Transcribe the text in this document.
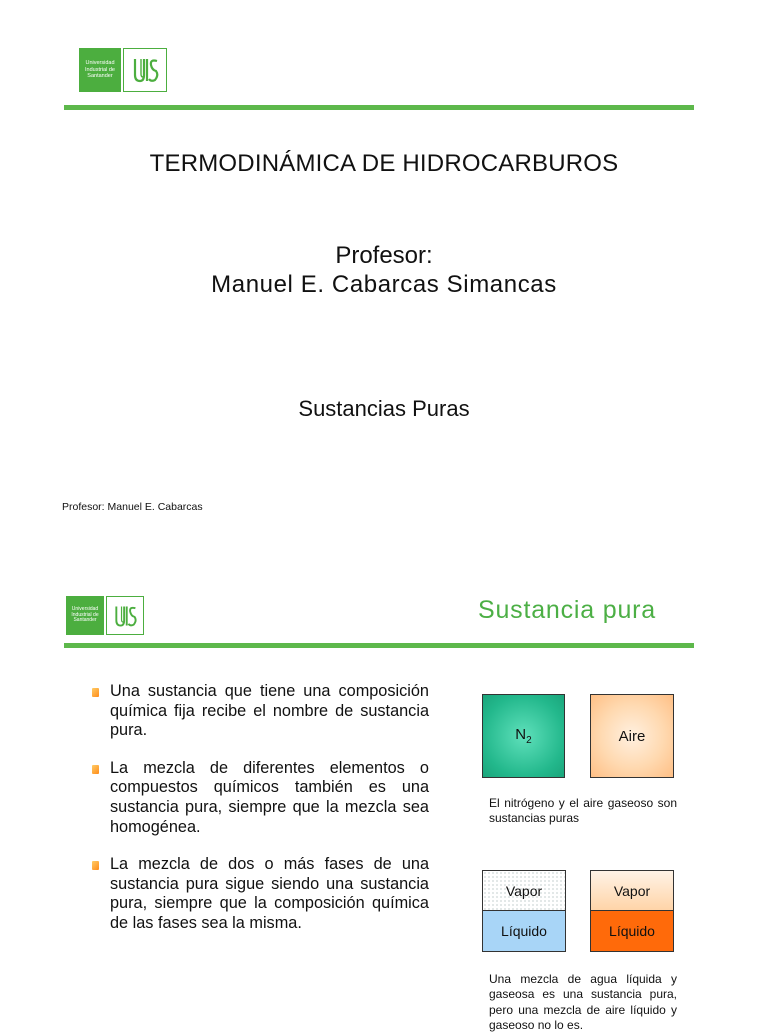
Universidad
Industrial de
Santander
TERMODINÁMICA DE HIDROCARBUROS
Profesor:
Manuel E. Cabarcas Simancas
Sustancias Puras
Profesor: Manuel E. Cabarcas
Universidad
Industrial de
Santander	Sustancia pura
Una sustancia que tiene una composición química fija recibe el nombre de sustancia pura.
La mezcla de diferentes elementos o compuestos químicos también es una sustancia pura, siempre que la mezcla sea homogénea.
La mezcla de dos o más fases de una sustancia pura sigue siendo una sustancia pura, siempre que la composición química de las fases sea la misma.
$N_2$	Aire
El nitrógeno y el aire gaseoso son sustancias puras
Vapor
Líquido
Vapor
Líquido
Una mezcla de agua líquida y gaseosa es una sustancia pura, pero una mezcla de aire líquido y gaseoso no lo es.
